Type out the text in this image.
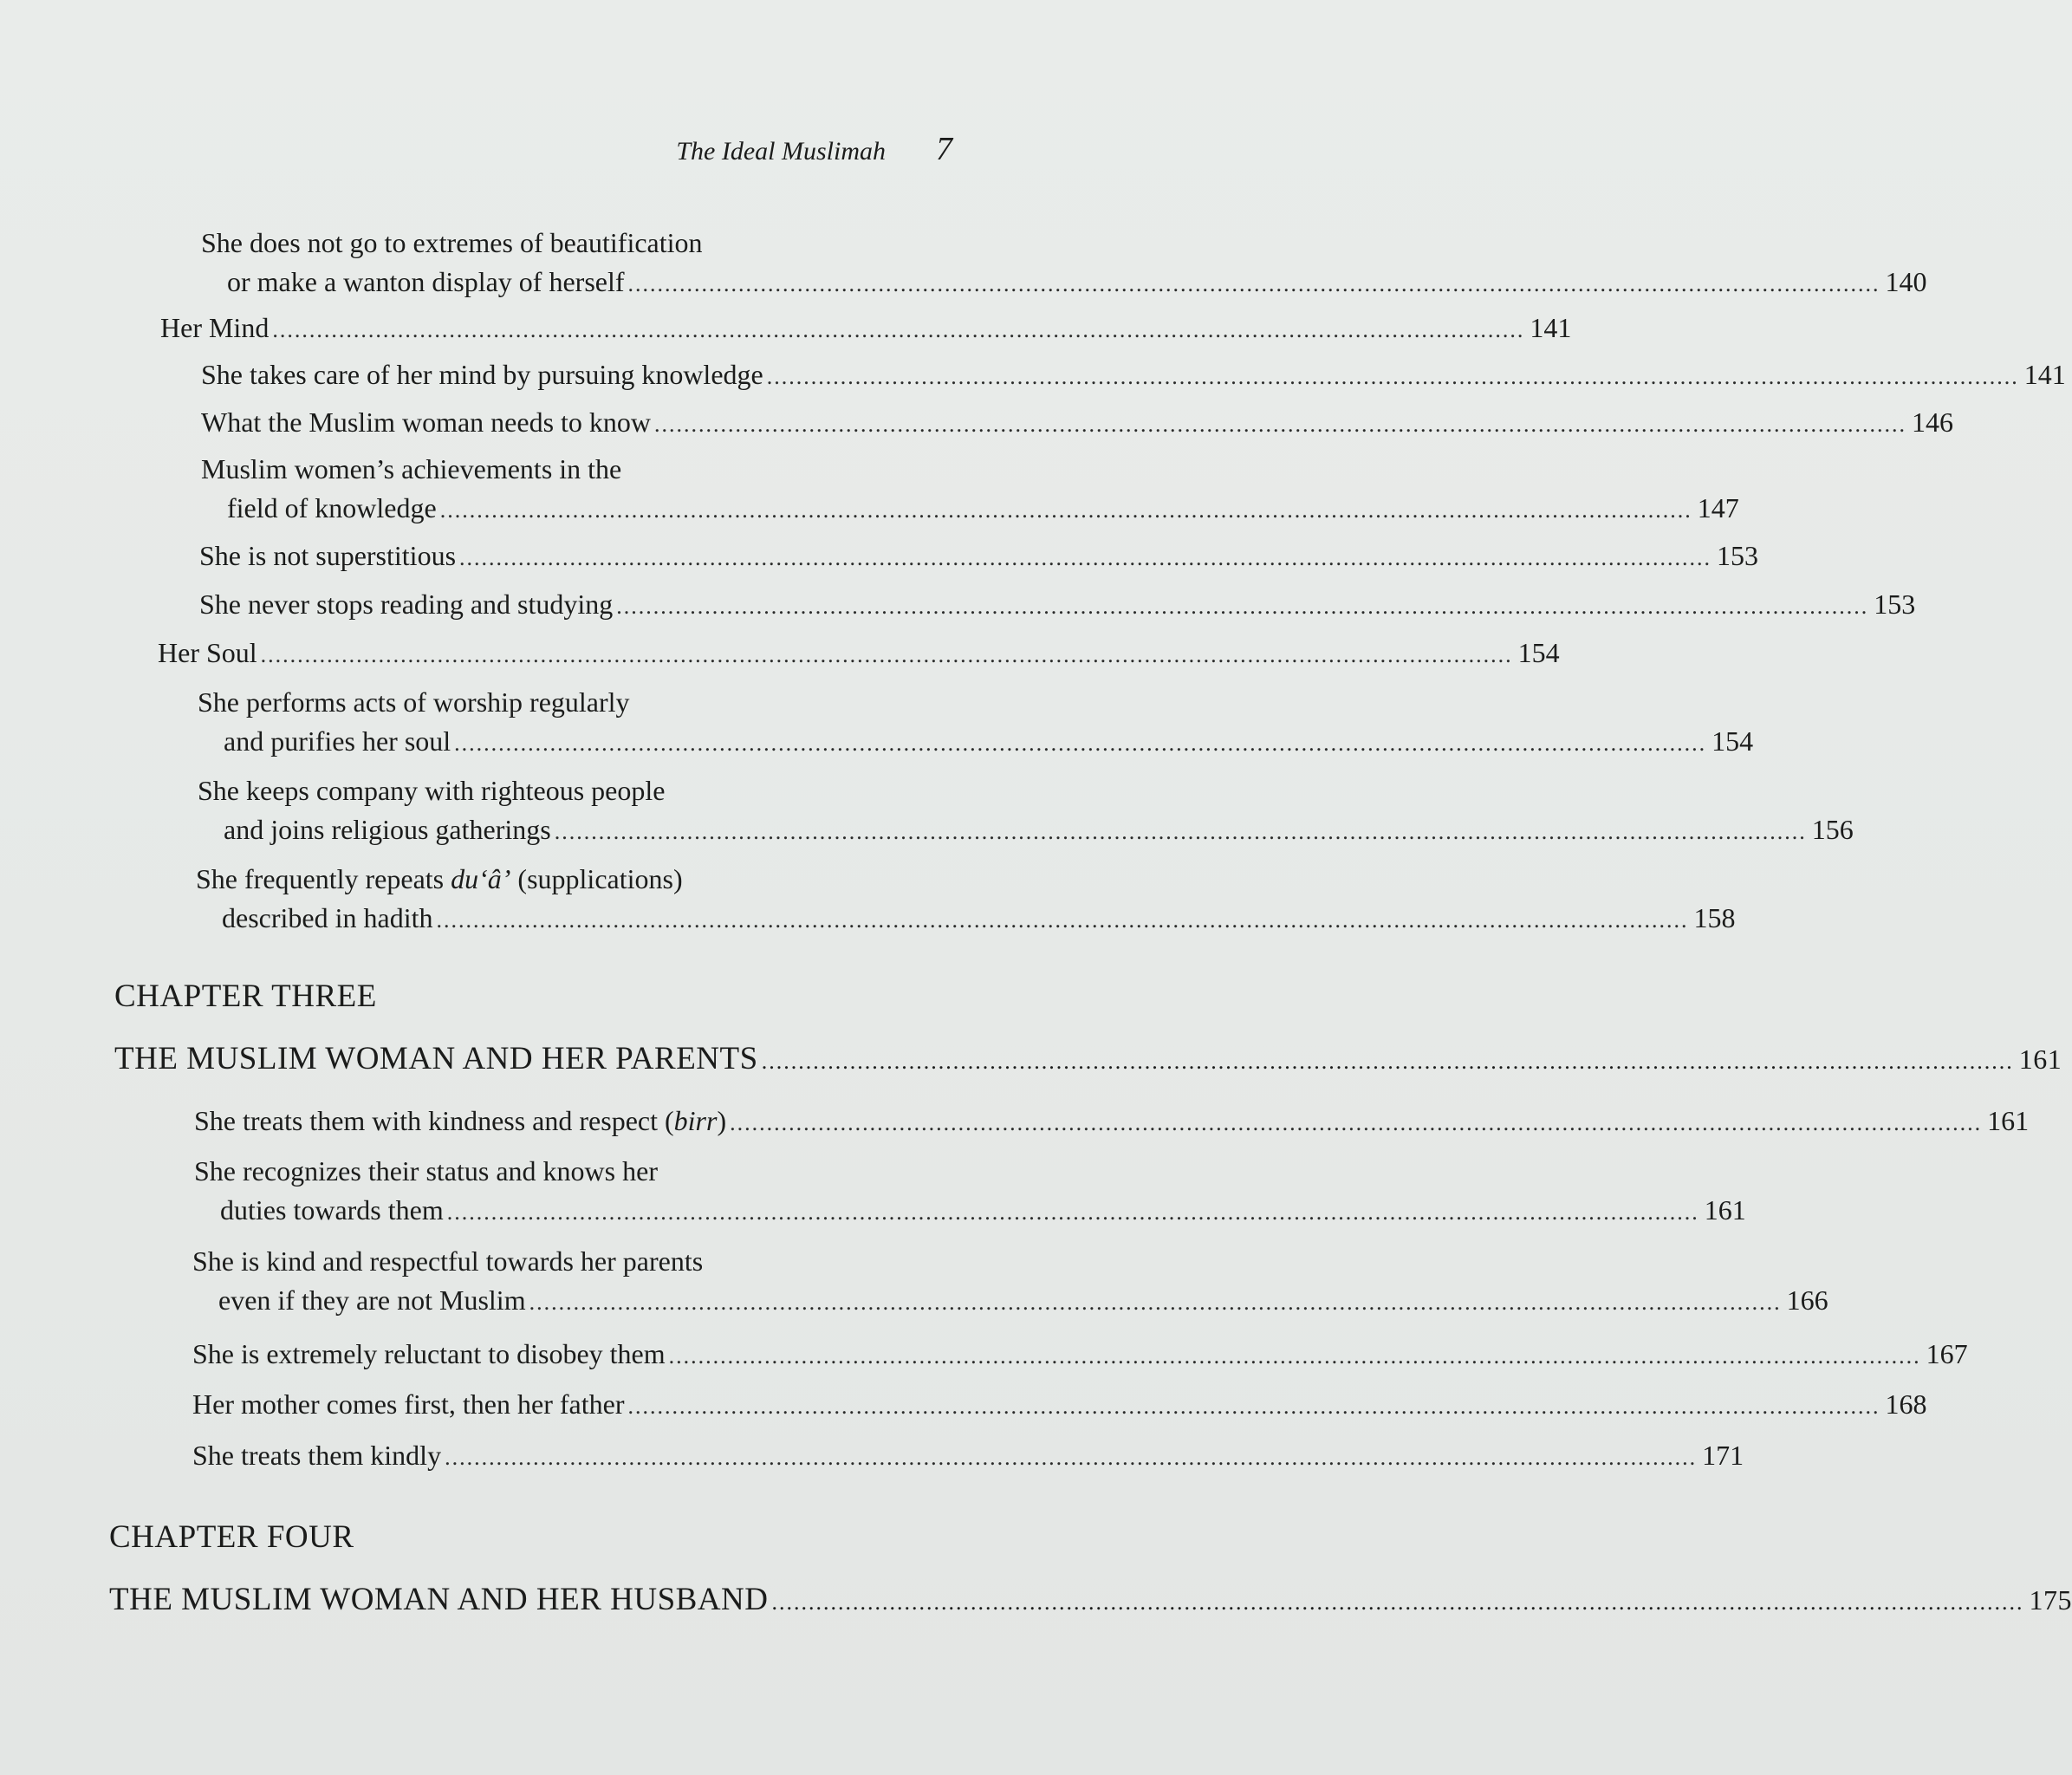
The Ideal Muslimah 7
She does not go to extremes of beautification
or make a wanton display of herself .......................................................................................................................................................................... 140
Her Mind .......................................................................................................................................................................... 141
She takes care of her mind by pursuing knowledge .......................................................................................................................................................................... 141
What the Muslim woman needs to know .......................................................................................................................................................................... 146
Muslim women’s achievements in the
field of knowledge .......................................................................................................................................................................... 147
She is not superstitious .......................................................................................................................................................................... 153
She never stops reading and studying .......................................................................................................................................................................... 153
Her Soul .......................................................................................................................................................................... 154
She performs acts of worship regularly
and purifies her soul .......................................................................................................................................................................... 154
She keeps company with righteous people
and joins religious gatherings .......................................................................................................................................................................... 156
She frequently repeats du‘â’ (supplications)
described in hadith .......................................................................................................................................................................... 158
CHAPTER THREE
THE MUSLIM WOMAN AND HER PARENTS .......................................................................................................................................................................... 161
She treats them with kindness and respect ( birr ) .......................................................................................................................................................................... 161
She recognizes their status and knows her
duties towards them .......................................................................................................................................................................... 161
She is kind and respectful towards her parents
even if they are not Muslim .......................................................................................................................................................................... 166
She is extremely reluctant to disobey them .......................................................................................................................................................................... 167
Her mother comes first, then her father .......................................................................................................................................................................... 168
She treats them kindly .......................................................................................................................................................................... 171
CHAPTER FOUR
THE MUSLIM WOMAN AND HER HUSBAND .......................................................................................................................................................................... 175
